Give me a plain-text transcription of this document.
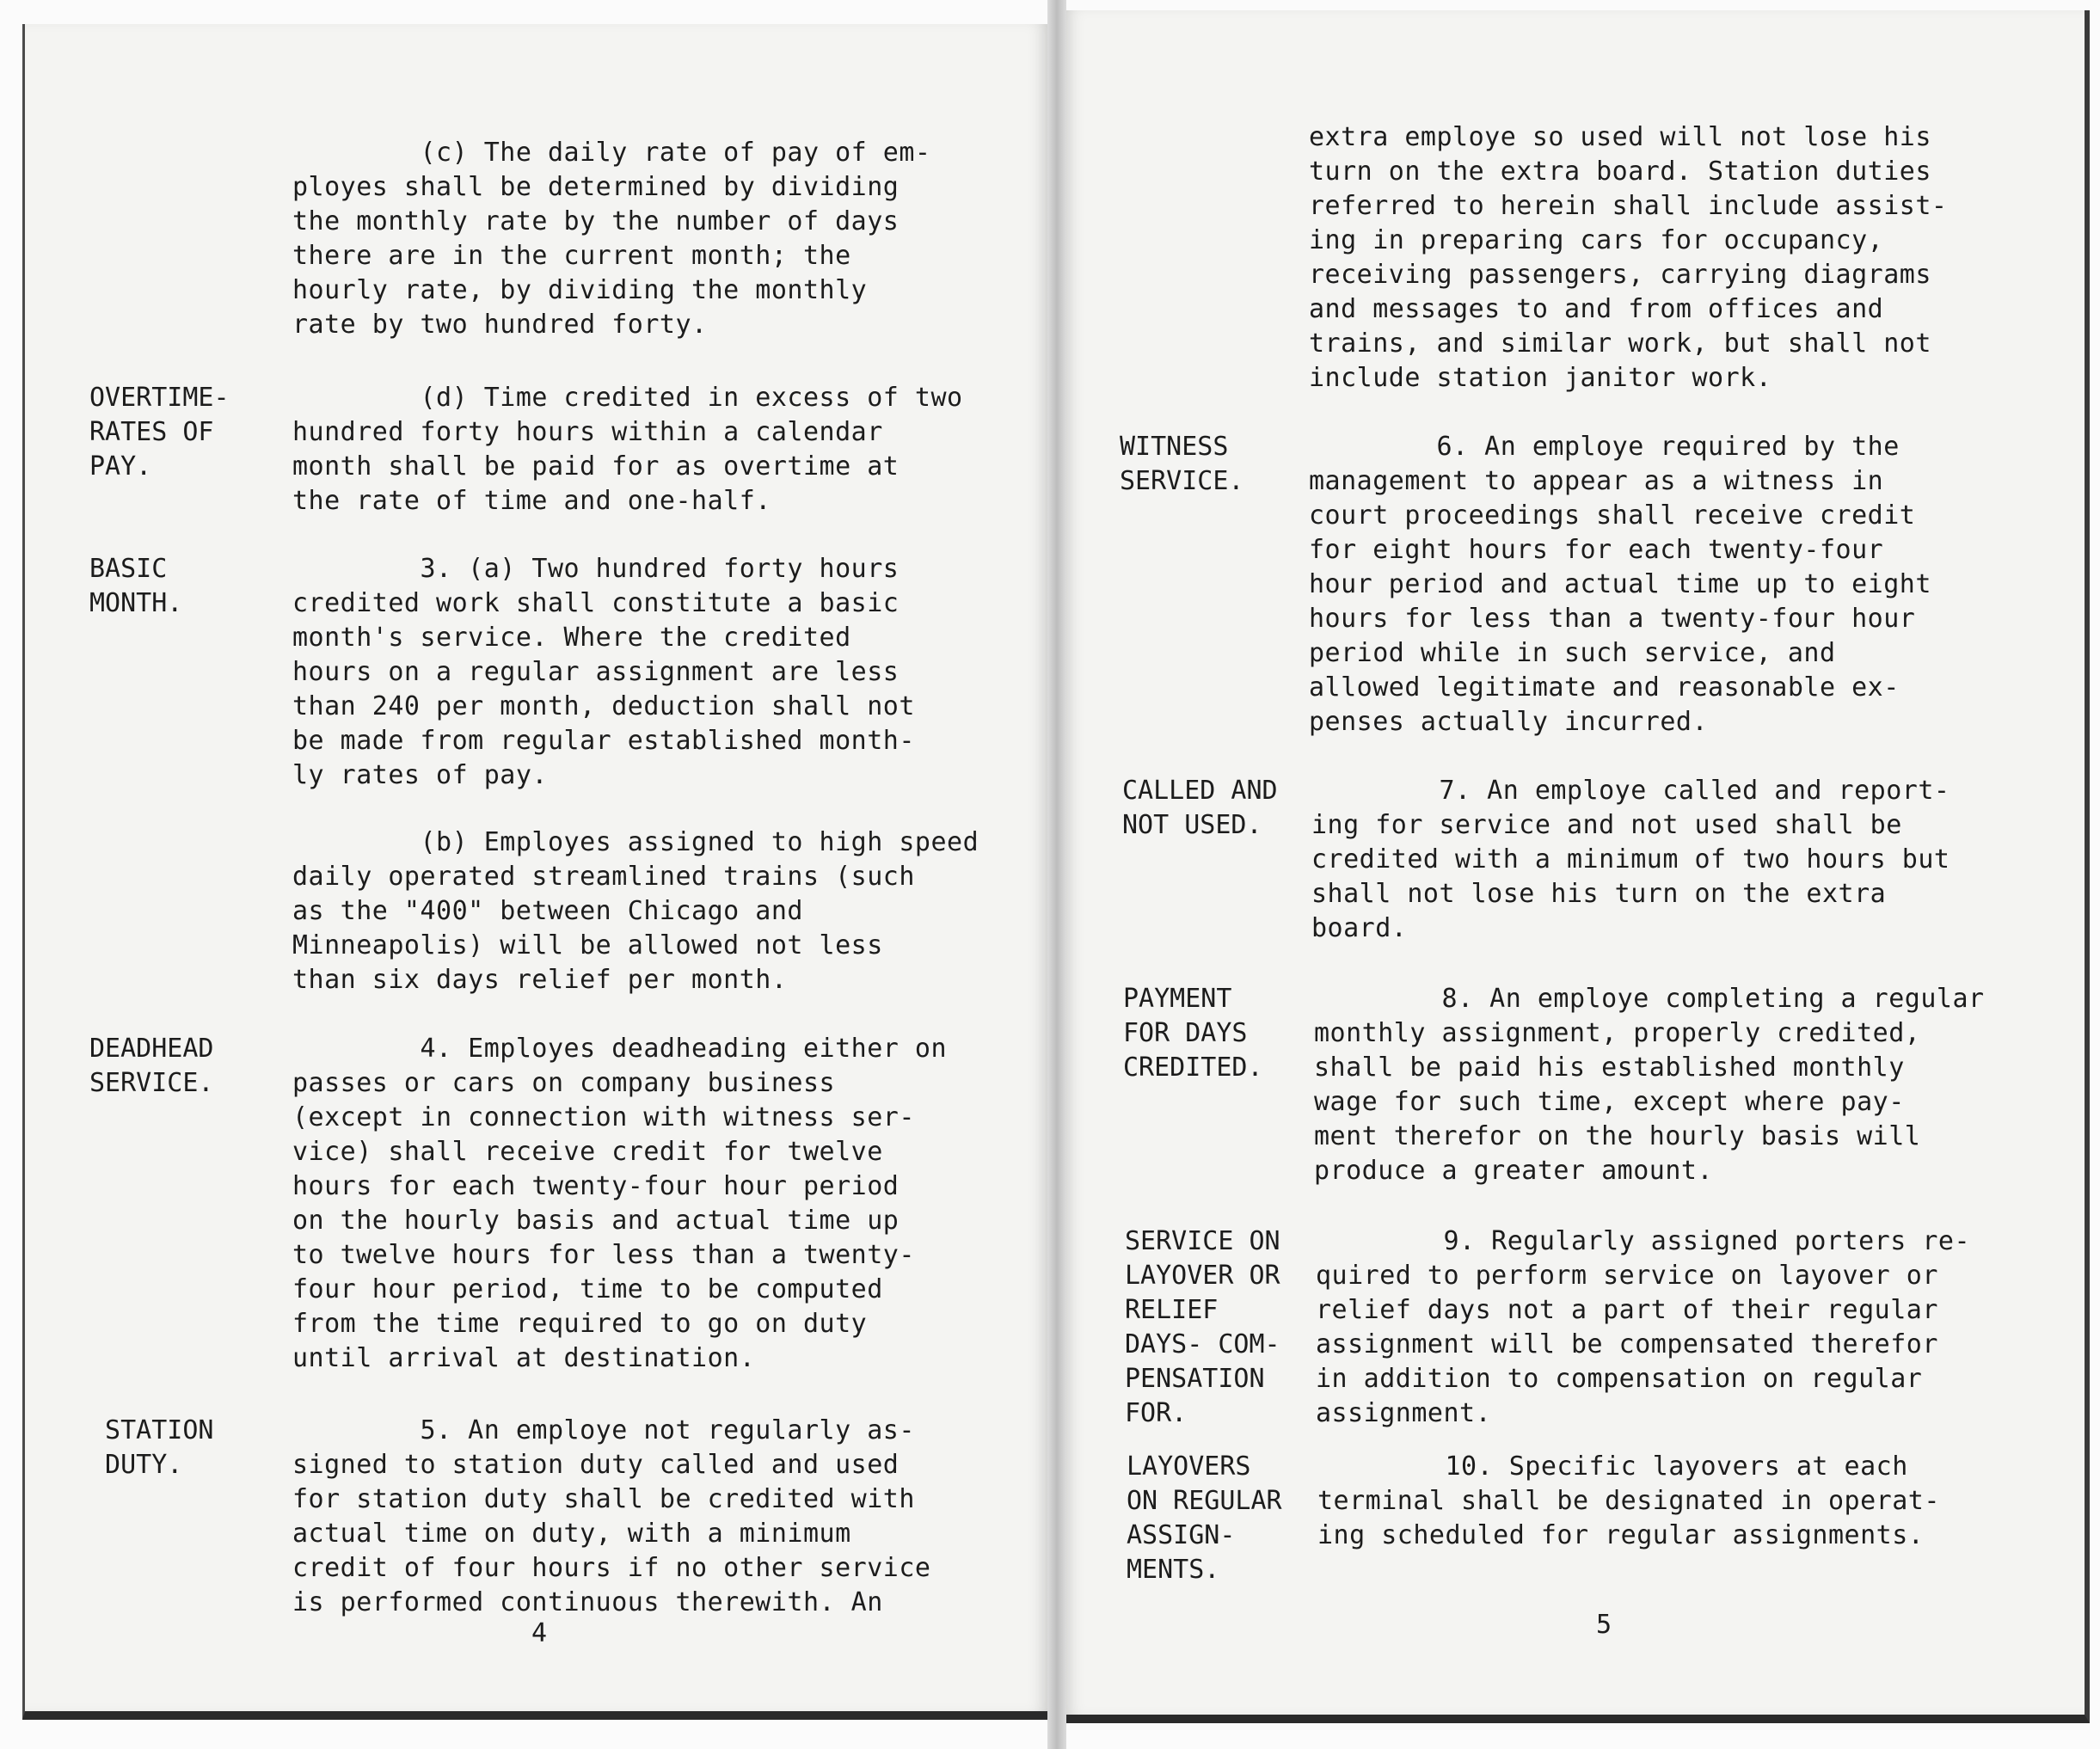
(c) The daily rate of pay of em-
ployes shall be determined by dividing
the monthly rate by the number of days
there are in the current month; the
hourly rate, by dividing the monthly
rate by two hundred forty.

OVERTIME-
RATES OF
PAY.

(d) Time credited in excess of two
hundred forty hours within a calendar
month shall be paid for as overtime at
the rate of time and one-half.

BASIC
MONTH.

3. (a) Two hundred forty hours
credited work shall constitute a basic
month's service. Where the credited
hours on a regular assignment are less
than 240 per month, deduction shall not
be made from regular established month-
ly rates of pay.

(b) Employes assigned to high speed
daily operated streamlined trains (such
as the "400" between Chicago and
Minneapolis) will be allowed not less
than six days relief per month.

DEADHEAD
SERVICE.

4. Employes deadheading either on
passes or cars on company business
(except in connection with witness ser-
vice) shall receive credit for twelve
hours for each twenty-four hour period
on the hourly basis and actual time up
to twelve hours for less than a twenty-
four hour period, time to be computed
from the time required to go on duty
until arrival at destination.

STATION
DUTY.

5. An employe not regularly as-
signed to station duty called and used
for station duty shall be credited with
actual time on duty, with a minimum
credit of four hours if no other service
is performed continuous therewith. An

4

extra employe so used will not lose his
turn on the extra board. Station duties
referred to herein shall include assist-
ing in preparing cars for occupancy,
receiving passengers, carrying diagrams
and messages to and from offices and
trains, and similar work, but shall not
include station janitor work.

WITNESS
SERVICE.

6. An employe required by the
management to appear as a witness in
court proceedings shall receive credit
for eight hours for each twenty-four
hour period and actual time up to eight
hours for less than a twenty-four hour
period while in such service, and
allowed legitimate and reasonable ex-
penses actually incurred.

CALLED AND
NOT USED.

7. An employe called and report-
ing for service and not used shall be
credited with a minimum of two hours but
shall not lose his turn on the extra
board.

PAYMENT
FOR DAYS
CREDITED.

8. An employe completing a regular
monthly assignment, properly credited,
shall be paid his established monthly
wage for such time, except where pay-
ment therefor on the hourly basis will
produce a greater amount.

SERVICE ON
LAYOVER OR
RELIEF
DAYS- COM-
PENSATION
FOR.

9. Regularly assigned porters re-
quired to perform service on layover or
relief days not a part of their regular
assignment will be compensated therefor
in addition to compensation on regular
assignment.

LAYOVERS
ON REGULAR
ASSIGN-
MENTS.

10. Specific layovers at each
terminal shall be designated in operat-
ing scheduled for regular assignments.

5
